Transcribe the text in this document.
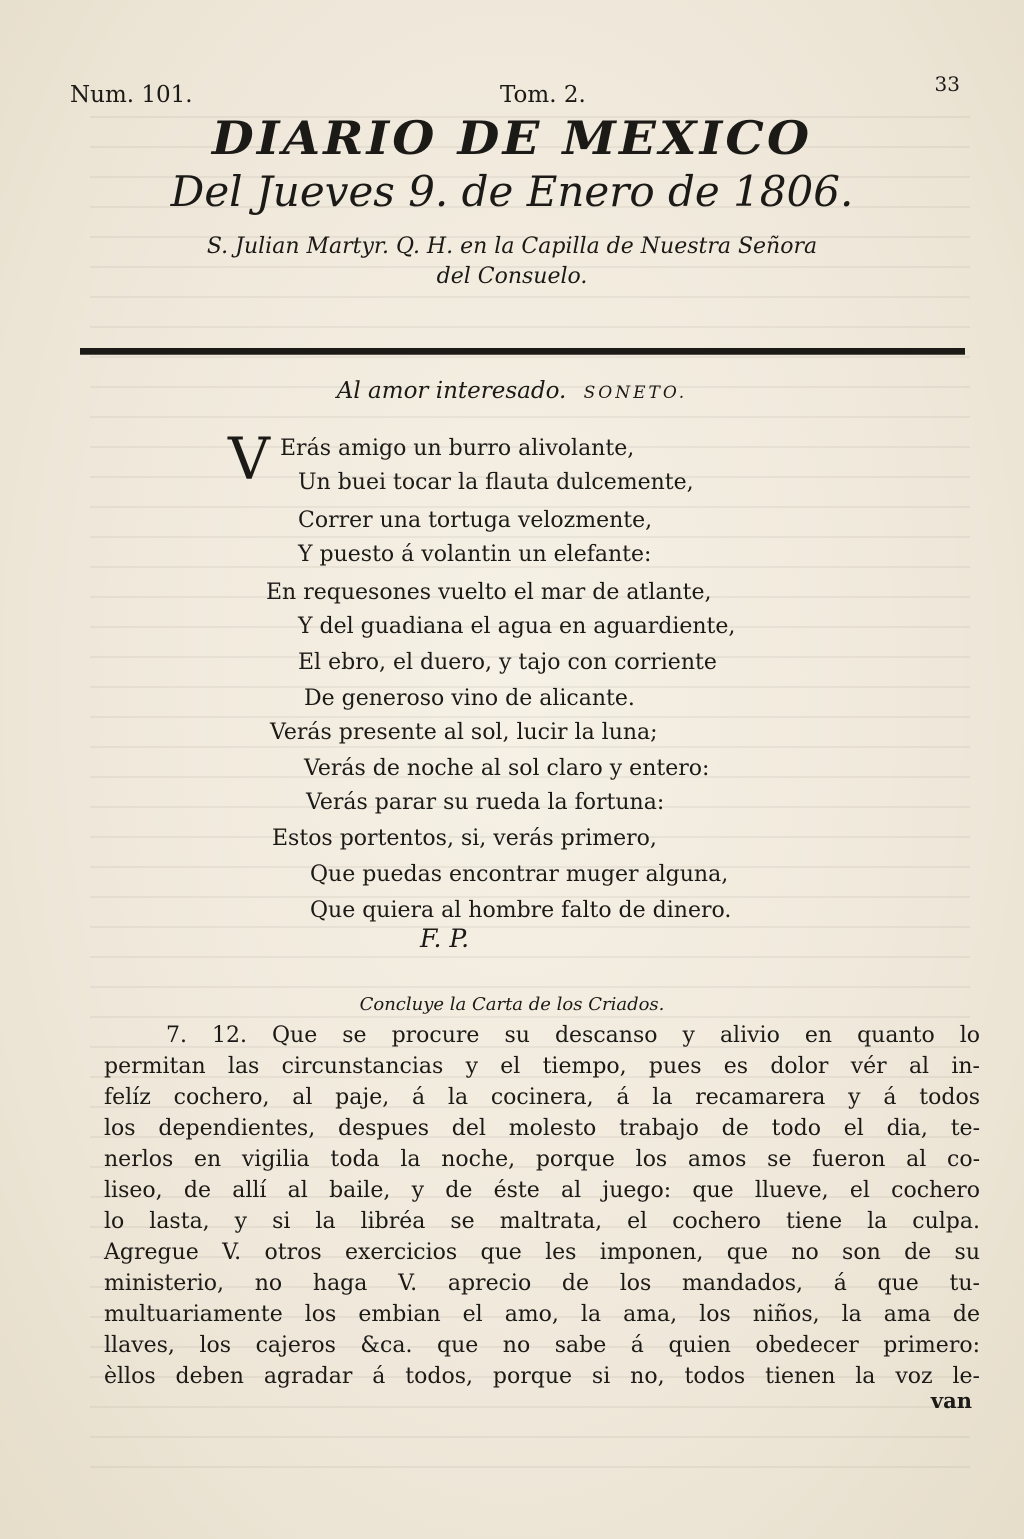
Num. 101.	Tom. 2.	33

DIARIO DE MEXICO

Del Jueves 9. de Enero de 1806.

S. Julian Martyr. Q. H. en la Capilla de Nuestra Señora

del Consuelo.

Al amor interesado. SONETO.
V Erás amigo un burro alivolante,
Un buei tocar la flauta dulcemente,
Correr una tortuga velozmente,
Y puesto á volantin un elefante:
En requesones vuelto el mar de atlante,
Y del guadiana el agua en aguardiente,
El ebro, el duero, y tajo con corriente
De generoso vino de alicante.
Verás presente al sol, lucir la luna;
Verás de noche al sol claro y entero:
Verás parar su rueda la fortuna:
Estos portentos, si, verás primero,
Que puedas encontrar muger alguna,
Que quiera al hombre falto de dinero.
F. P.
Concluye la Carta de los Criados.
7. 12. Que se procure su descanso y alivio en quanto lo
permitan las circunstancias y el tiempo, pues es dolor vér al in-
felíz cochero, al paje, á la cocinera, á la recamarera y á todos
los dependientes, despues del molesto trabajo de todo el dia, te-
nerlos en vigilia toda la noche, porque los amos se fueron al co-
liseo, de allí al baile, y de éste al juego: que llueve, el cochero
lo lasta, y si la libréa se maltrata, el cochero tiene la culpa.
Agregue V. otros exercicios que les imponen, que no son de su
ministerio, no haga V. aprecio de los mandados, á que tu-
multuariamente los embian el amo, la ama, los niños, la ama de
llaves, los cajeros &ca. que no sabe á quien obedecer primero:
èllos deben agradar á todos, porque si no, todos tienen la voz le-
van
